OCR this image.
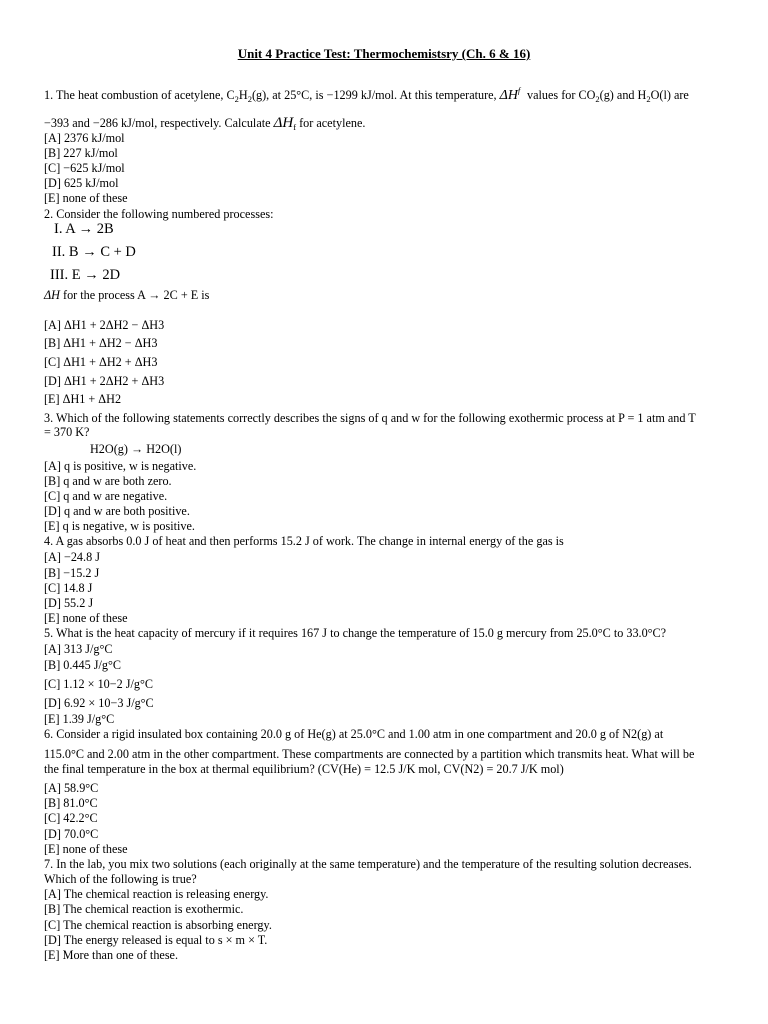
Unit 4 Practice Test: Thermochemistsry (Ch. 6 & 16)
1. The heat combustion of acetylene, $C_2H_2(g)$, at 25°C, is −1299 kJ/mol. At this temperature, ΔH f values for $CO_2(g)$ and $H_2O(l)$ are
−393 and −286 kJ/mol, respectively. Calculate $\Delta H_f$ for acetylene.
[A] 2376 kJ/mol
[B] 227 kJ/mol
[C] −625 kJ/mol
[D] 625 kJ/mol
[E] none of these
2. Consider the following numbered processes:
I. A → 2B
II. B → C + D
III. E → 2D
ΔH for the process A → 2C + E is
[A] ΔH1 + 2ΔH2 − ΔH3
[B] ΔH1 + ΔH2 − ΔH3
[C] ΔH1 + ΔH2 + ΔH3
[D] ΔH1 + 2ΔH2 + ΔH3
[E] ΔH1 + ΔH2
3. Which of the following statements correctly describes the signs of q and w for the following exothermic process at P = 1 atm and T
= 370 K?
H2O(g) → H2O(l)
[A] q is positive, w is negative.
[B] q and w are both zero.
[C] q and w are negative.
[D] q and w are both positive.
[E] q is negative, w is positive.
4. A gas absorbs 0.0 J of heat and then performs 15.2 J of work. The change in internal energy of the gas is
[A] −24.8 J
[B] −15.2 J
[C] 14.8 J
[D] 55.2 J
[E] none of these
5. What is the heat capacity of mercury if it requires 167 J to change the temperature of 15.0 g mercury from 25.0°C to 33.0°C?
[A] 313 J/g°C
[B] 0.445 J/g°C
[C] 1.12 × 10−2 J/g°C
[D] 6.92 × 10−3 J/g°C
[E] 1.39 J/g°C
6. Consider a rigid insulated box containing 20.0 g of He(g) at 25.0°C and 1.00 atm in one compartment and 20.0 g of N2(g) at
115.0°C and 2.00 atm in the other compartment. These compartments are connected by a partition which transmits heat. What will be
the final temperature in the box at thermal equilibrium? (CV(He) = 12.5 J/K mol, CV(N2) = 20.7 J/K mol)
[A] 58.9°C
[B] 81.0°C
[C] 42.2°C
[D] 70.0°C
[E] none of these
7. In the lab, you mix two solutions (each originally at the same temperature) and the temperature of the resulting solution decreases.
Which of the following is true?
[A] The chemical reaction is releasing energy.
[B] The chemical reaction is exothermic.
[C] The chemical reaction is absorbing energy.
[D] The energy released is equal to s × m × T.
[E] More than one of these.
